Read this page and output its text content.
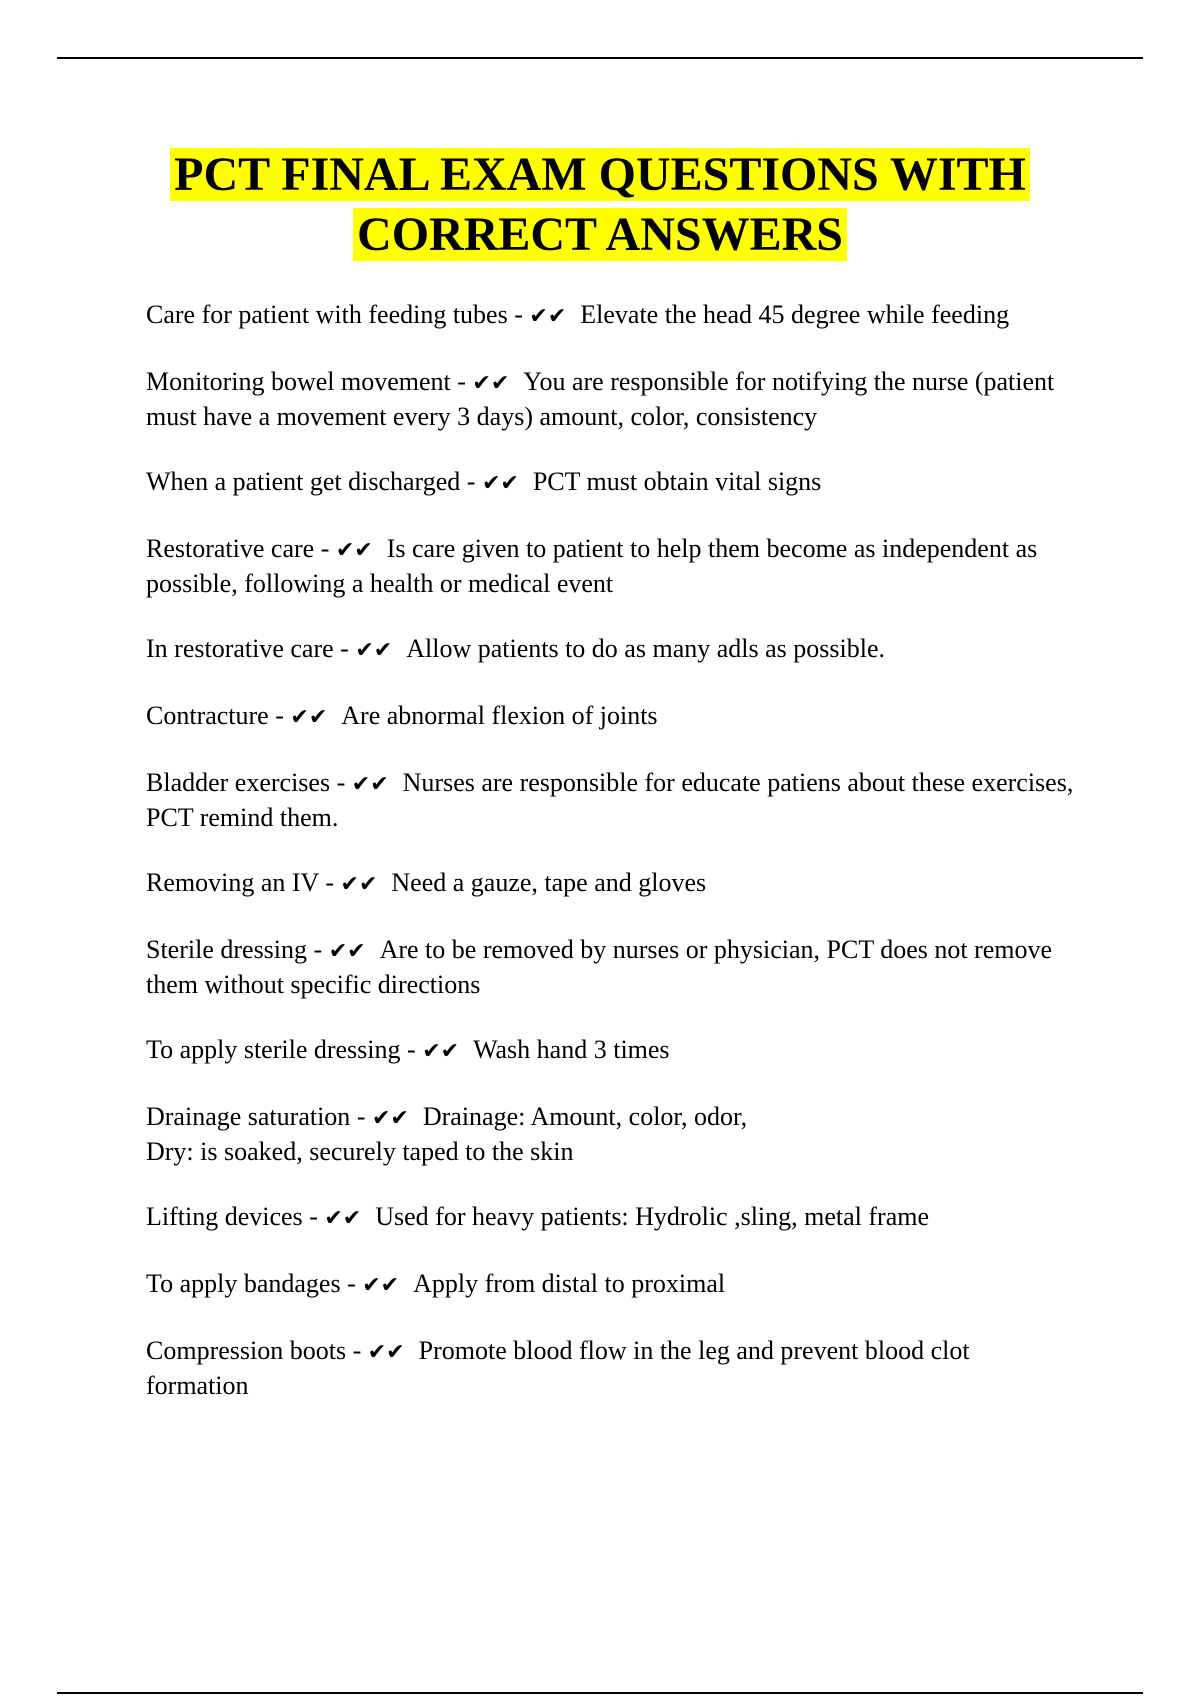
PCT FINAL EXAM QUESTIONS WITH
CORRECT ANSWERS
Care for patient with feeding tubes - ✔✔ Elevate the head 45 degree while feeding
Monitoring bowel movement - ✔✔ You are responsible for notifying the nurse (patient must have a movement every 3 days) amount, color, consistency
When a patient get discharged - ✔✔ PCT must obtain vital signs
Restorative care - ✔✔ Is care given to patient to help them become as independent as possible, following a health or medical event
In restorative care - ✔✔ Allow patients to do as many adls as possible.
Contracture - ✔✔ Are abnormal flexion of joints
Bladder exercises - ✔✔ Nurses are responsible for educate patiens about these exercises, PCT remind them.
Removing an IV - ✔✔ Need a gauze, tape and gloves
Sterile dressing - ✔✔ Are to be removed by nurses or physician, PCT does not remove them without specific directions
To apply sterile dressing - ✔✔ Wash hand 3 times
Drainage saturation - ✔✔ Drainage: Amount, color, odor,
Dry: is soaked, securely taped to the skin
Lifting devices - ✔✔ Used for heavy patients: Hydrolic ,sling, metal frame
To apply bandages - ✔✔ Apply from distal to proximal
Compression boots - ✔✔ Promote blood flow in the leg and prevent blood clot formation
